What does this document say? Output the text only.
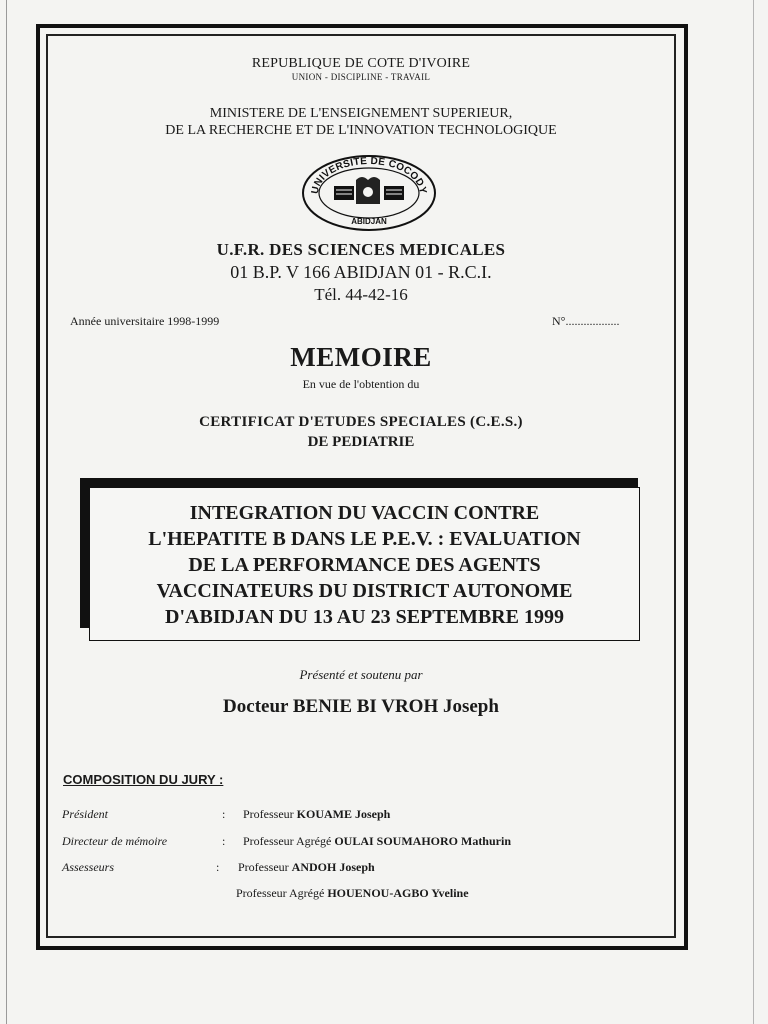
REPUBLIQUE DE COTE D'IVOIRE
UNION - DISCIPLINE - TRAVAIL
MINISTERE DE L'ENSEIGNEMENT SUPERIEUR,
DE LA RECHERCHE ET DE L'INNOVATION TECHNOLOGIQUE
UNIVERSITE DE COCODY
ABIDJAN
U.F.R. DES SCIENCES MEDICALES
01 B.P. V 166 ABIDJAN 01 - R.C.I.
Tél. 44-42-16
Année universitaire 1998-1999	N°..................
MEMOIRE
En vue de l'obtention du
CERTIFICAT D'ETUDES SPECIALES (C.E.S.)
DE PEDIATRIE
INTEGRATION DU VACCIN CONTRE
L'HEPATITE B DANS LE P.E.V. : EVALUATION
DE LA PERFORMANCE DES AGENTS
VACCINATEURS DU DISTRICT AUTONOME
D'ABIDJAN DU 13 AU 23 SEPTEMBRE 1999
Présenté et soutenu par
Docteur BENIE BI VROH Joseph
COMPOSITION DU JURY :
Président	: Professeur KOUAME Joseph
Directeur de mémoire	: Professeur Agrégé OULAI SOUMAHORO Mathurin
Assesseurs	: Professeur ANDOH Joseph
Professeur Agrégé HOUENOU-AGBO Yveline
